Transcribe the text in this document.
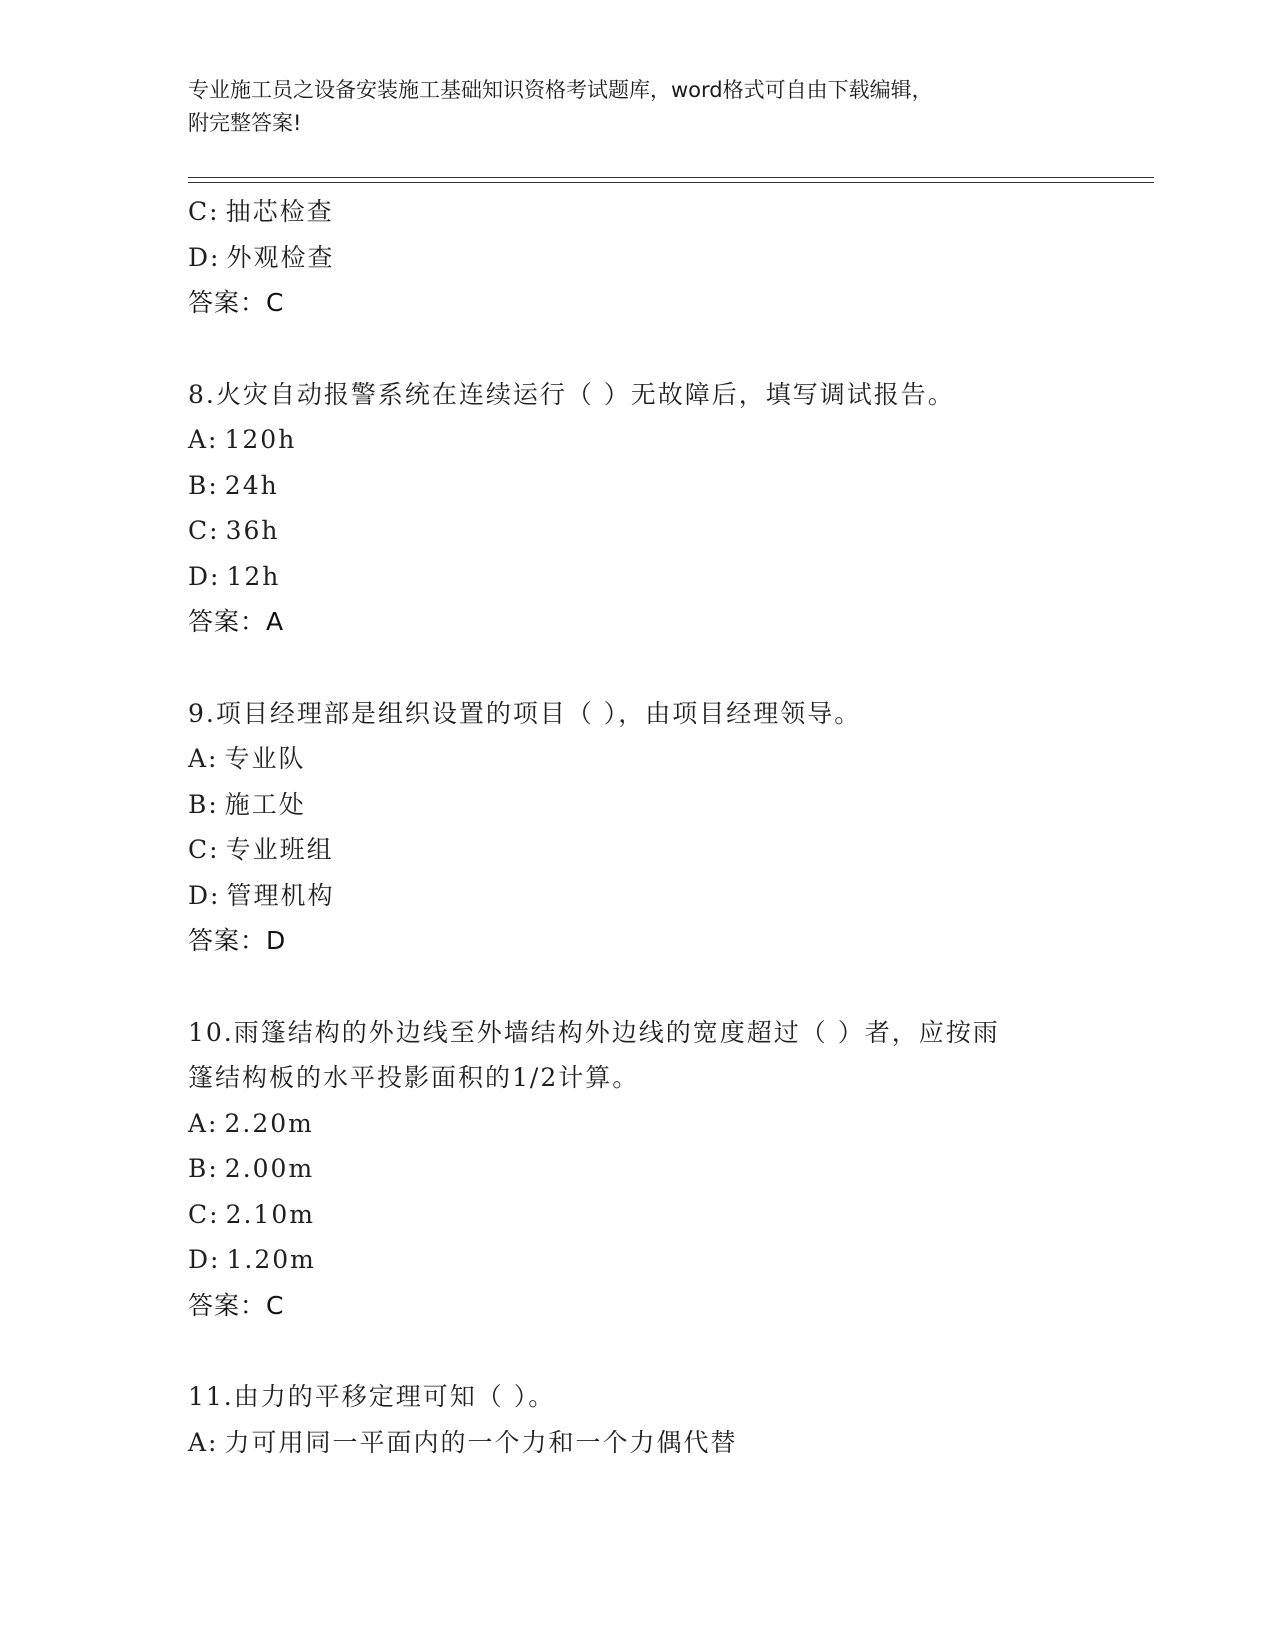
专业施工员之设备安装施工基础知识资格考试题库，word格式可自由下载编辑，
附完整答案!
C: 抽芯检查
D: 外观检查
答案：C
8.火灾自动报警系统在连续运行（ ）无故障后，填写调试报告。
A: 120h
B: 24h
C: 36h
D: 12h
答案：A
9.项目经理部是组织设置的项目（ ），由项目经理领导。
A: 专业队
B: 施工处
C: 专业班组
D: 管理机构
答案：D
10.雨篷结构的外边线至外墙结构外边线的宽度超过（ ）者，应按雨
篷结构板的水平投影面积的1/2计算。
A: 2.20m
B: 2.00m
C: 2.10m
D: 1.20m
答案：C
11.由力的平移定理可知（ ）。
A: 力可用同一平面内的一个力和一个力偶代替
